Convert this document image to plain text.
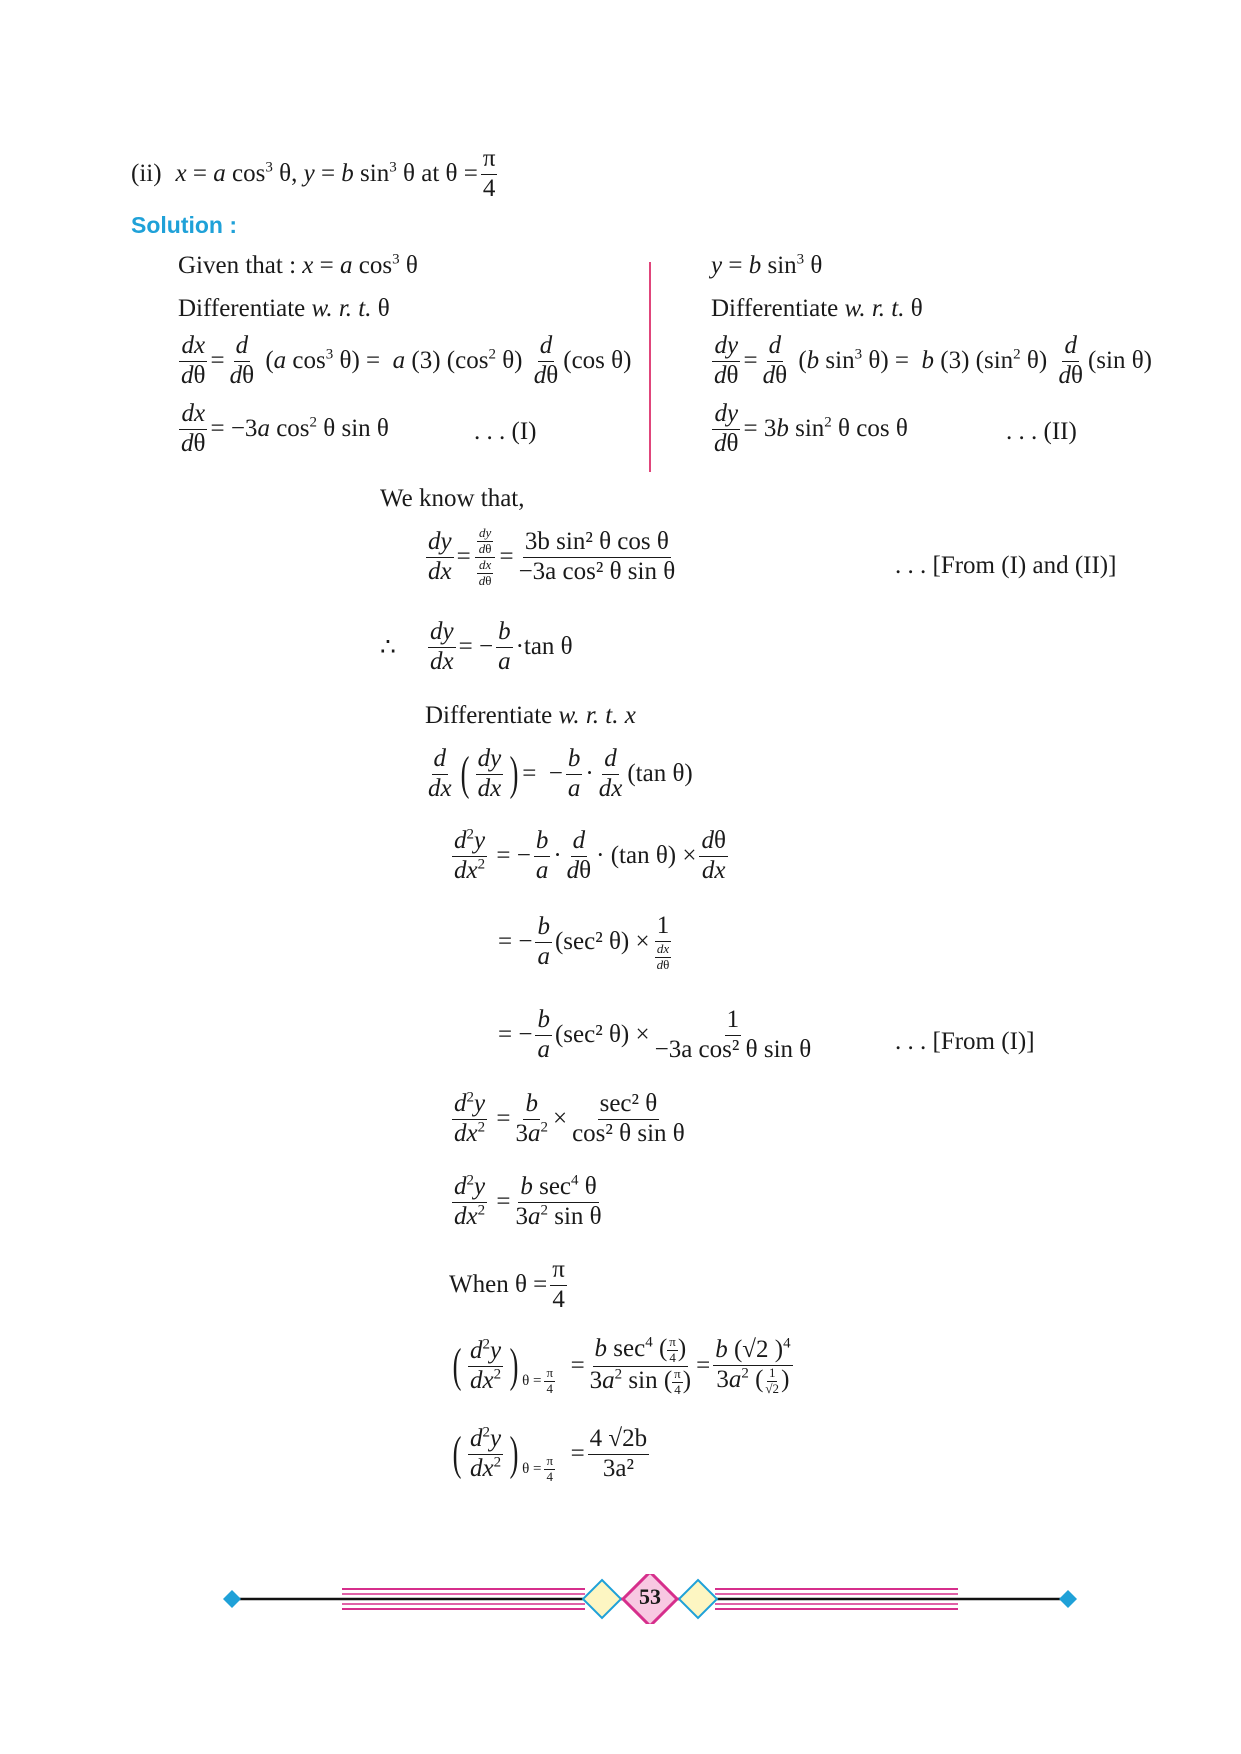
(ii) x = a $\cos^3 \theta$, y = b $\sin^3 \theta$ at $\theta = \frac{\pi}{4}$
Solution :
Given that : x = a $\cos^3 \theta$
Differentiate w. r. t. θ
$\frac{dx}{d\theta} = \frac{d}{d\theta} (a$ $\cos^3 \theta) = a$ (3) ($\cos^2$ $\theta) \frac{d}{d\theta} (\cos$ θ)
$\frac{dx}{d\theta} = -3a$ $\cos^2 \theta$ sin θ	. . . (I)
y = b $\sin^3 \theta$
Differentiate w. r. t. θ
$\frac{dy}{d\theta} = \frac{d}{d\theta} (b$ $\sin^3 \theta) = b$ (3) ($\sin^2$ $\theta) \frac{d}{d\theta} (\sin$ θ)
$\frac{dy}{d\theta} = 3b$ $\sin^2 \theta$ cos θ	. . . (II)
We know that,
$\frac{dy}{dx} = \frac{\frac{dy}{d\theta}}{\frac{dx}{d\theta}} = \frac{\text{3b sin² θ cos θ}}{\text{−3a cos² θ sin θ}}$	. . . [From (I) and (II)]
∴	$\frac{dy}{dx}$ = − $\frac{b}{a} \cdot \tan \theta$
Differentiate w. r. t. x
$\frac{d}{dx}$ ( $\frac{dy}{dx}$ ) =  − $\frac{b}{a} \cdot \frac{d}{dx} (\tan$ θ)
$\frac{d^2y}{dx^2}$ = − $\frac{b}{a} \cdot \frac{d}{d\theta} \cdot (\tan$ θ)
× $\frac{d\theta}{dx}$
= − $\frac{b}{a} (\sec^2$ $\theta) \times \frac{1}{\frac{dx}{d\theta}}$
= − $\frac{b}{a} (\sec^2$ $\theta) \times \frac{1}{\text{−3a cos² θ sin θ}}$	. . . [From (I)]
$\frac{d^2y}{dx^2} = \frac{b}{3a^2} \times \frac{\text{sec² θ}}{\text{cos² θ sin θ}}$
$\frac{d^2y}{dx^2} = \frac{b \sec^4 \theta}{3a^2 \sin \theta}$
When $\theta = \frac{\pi}{4}$
( $\frac{d^2y}{dx^2}$ ) $\theta = \frac{\pi}{4}$
= $\frac{b \sec^4 ( \frac{\pi}{4} )}{3a^2 \sin ( \frac{\pi}{4} )} = \frac{b (√2 )^4}{3a^2 ( \frac{1}{√2} )}$
( $\frac{d^2y}{dx^2}$ ) $\theta = \frac{\pi}{4}$
= $\frac{4 √2b}{\text{3a²}}$
53
